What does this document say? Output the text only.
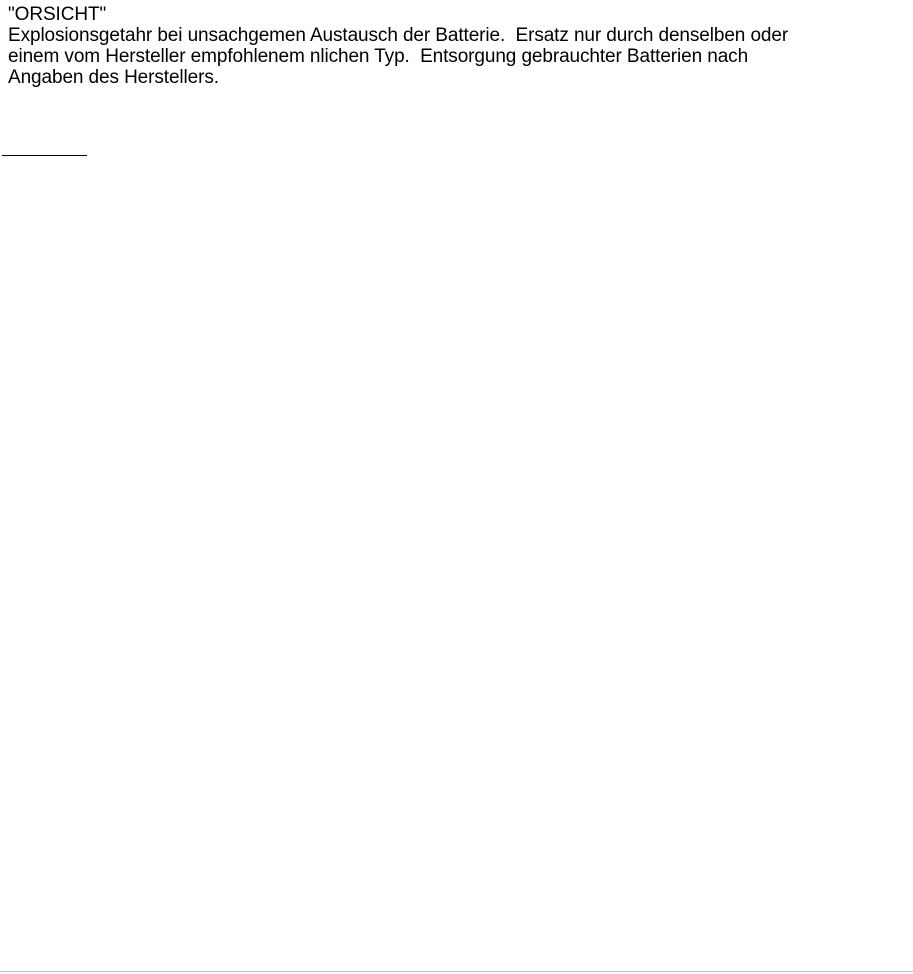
"ORSICHT"
Explosionsgetahr bei unsachgemen Austausch der Batterie.  Ersatz nur durch denselben oder
einem vom Hersteller empfohlenem nlichen Typ.  Entsorgung gebrauchter Batterien nach
Angaben des Herstellers.
